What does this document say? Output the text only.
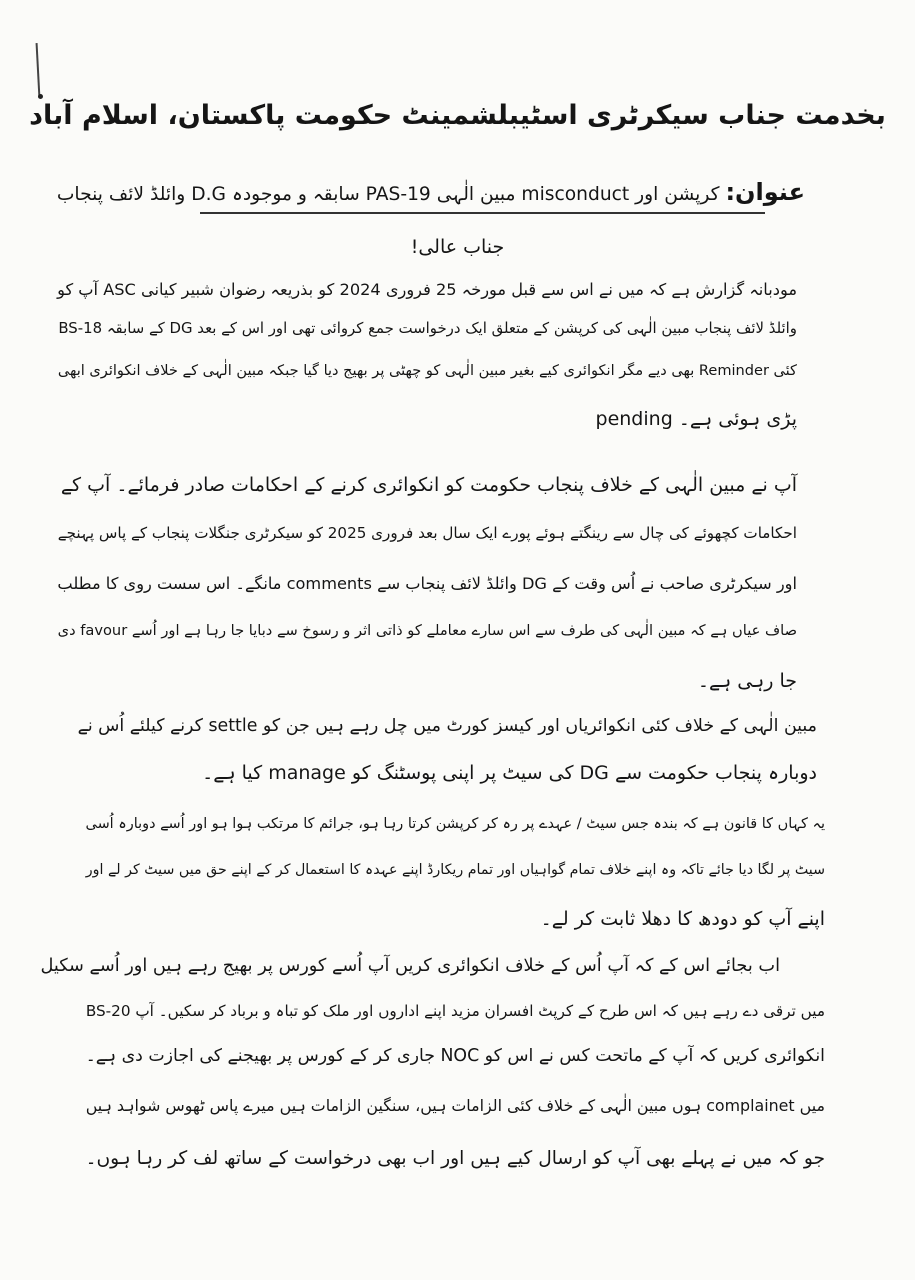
بخدمت جناب سیکرٹری اسٹیبلشمینٹ حکومت پاکستان، اسلام آباد
عنوان: کرپشن اور misconduct مبین الٰہی PAS-19 سابقہ و موجودہ D.G وائلڈ لائف پنجاب
جناب عالی!
مودبانہ گزارش ہے کہ میں نے اس سے قبل مورخہ 25 فروری 2024 کو بذریعہ رضوان شبیر کیانی ASC آپ کو
BS-18 کے سابقہ DG وائلڈ لائف پنجاب مبین الٰہی کی کرپشن کے متعلق ایک درخواست جمع کروائی تھی اور اس کے بعد
کئی Reminder بھی دیے مگر انکوائری کیے بغیر مبین الٰہی کو چھٹی پر بھیج دیا گیا جبکہ مبین الٰہی کے خلاف انکوائری ابھی
pending پڑی ہوئی ہے۔
آپ نے مبین الٰہی کے خلاف پنجاب حکومت کو انکوائری کرنے کے احکامات صادر فرمائے۔ آپ کے
احکامات کچھوئے کی چال سے رینگتے ہوئے پورے ایک سال بعد فروری 2025 کو سیکرٹری جنگلات پنجاب کے پاس پہنچے
اور سیکرٹری صاحب نے اُس وقت کے DG وائلڈ لائف پنجاب سے comments مانگے۔ اس سست روی کا مطلب
صاف عیاں ہے کہ مبین الٰہی کی طرف سے اس سارے معاملے کو ذاتی اثر و رسوخ سے دبایا جا رہا ہے اور اُسے favour دی
جا رہی ہے۔
مبین الٰہی کے خلاف کئی انکوائریاں اور کیسز کورٹ میں چل رہے ہیں جن کو settle کرنے کیلئے اُس نے
دوبارہ پنجاب حکومت سے DG کی سیٹ پر اپنی پوسٹنگ کو manage کیا ہے۔
یہ کہاں کا قانون ہے کہ بندہ جس سیٹ / عہدے پر رہ کر کرپشن کرتا رہا ہو، جرائم کا مرتکب ہوا ہو اور اُسے دوبارہ اُسی
سیٹ پر لگا دیا جائے تاکہ وہ اپنے خلاف تمام گواہیاں اور تمام ریکارڈ اپنے عہدہ کا استعمال کر کے اپنے حق میں سیٹ کر لے اور
اپنے آپ کو دودھ کا دھلا ثابت کر لے۔
اب بجائے اس کے کہ آپ اُس کے خلاف انکوائری کریں آپ اُسے کورس پر بھیج رہے ہیں اور اُسے سکیل
BS-20 میں ترقی دے رہے ہیں کہ اس طرح کے کرپٹ افسران مزید اپنے اداروں اور ملک کو تباہ و برباد کر سکیں۔ آپ
انکوائری کریں کہ آپ کے ماتحت کس نے اس کو NOC جاری کر کے کورس پر بھیجنے کی اجازت دی ہے۔
میں complainet ہوں مبین الٰہی کے خلاف کئی الزامات ہیں، سنگین الزامات ہیں میرے پاس ٹھوس شواہد ہیں
جو کہ میں نے پہلے بھی آپ کو ارسال کیے ہیں اور اب بھی درخواست کے ساتھ لف کر رہا ہوں۔
